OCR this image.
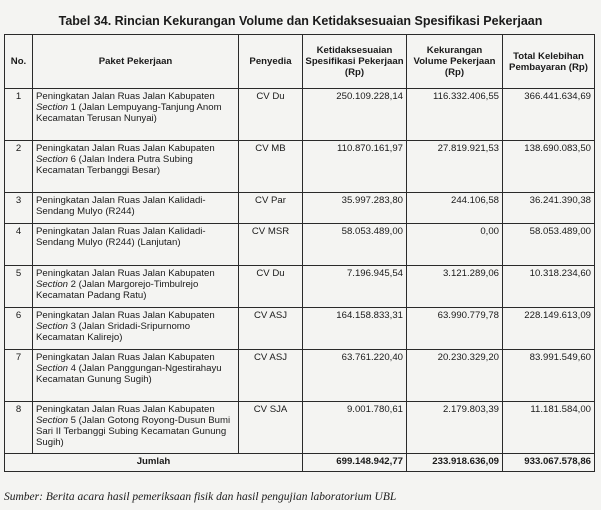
Tabel 34. Rincian Kekurangan Volume dan Ketidaksesuaian Spesifikasi Pekerjaan
No.	Paket Pekerjaan	Penyedia	Ketidaksesuaian Spesifikasi Pekerjaan (Rp)	Kekurangan Volume Pekerjaan (Rp)	Total Kelebihan Pembayaran (Rp)
1	Peningkatan Jalan Ruas Jalan Kabupaten Section 1 (Jalan Lempuyang-Tanjung Anom Kecamatan Terusan Nunyai)	CV Du	250.109.228,14	116.332.406,55	366.441.634,69
2	Peningkatan Jalan Ruas Jalan Kabupaten Section 6 (Jalan Indera Putra Subing Kecamatan Terbanggi Besar)	CV MB	110.870.161,97	27.819.921,53	138.690.083,50
3	Peningkatan Jalan Ruas Jalan Kalidadi-Sendang Mulyo (R244)	CV Par	35.997.283,80	244.106,58	36.241.390,38
4	Peningkatan Jalan Ruas Jalan Kalidadi-Sendang Mulyo (R244) (Lanjutan)	CV MSR	58.053.489,00	0,00	58.053.489,00
5	Peningkatan Jalan Ruas Jalan Kabupaten Section 2 (Jalan Margorejo-Timbulrejo Kecamatan Padang Ratu)	CV Du	7.196.945,54	3.121.289,06	10.318.234,60
6	Peningkatan Jalan Ruas Jalan Kabupaten Section 3 (Jalan Sridadi-Sripurnomo Kecamatan Kalirejo)	CV ASJ	164.158.833,31	63.990.779,78	228.149.613,09
7	Peningkatan Jalan Ruas Jalan Kabupaten Section 4 (Jalan Panggungan-Ngestirahayu Kecamatan Gunung Sugih)	CV ASJ	63.761.220,40	20.230.329,20	83.991.549,60
8	Peningkatan Jalan Ruas Jalan Kabupaten Section 5 (Jalan Gotong Royong-Dusun Bumi Sari II Terbanggi Subing Kecamatan Gunung Sugih)	CV SJA	9.001.780,61	2.179.803,39	11.181.584,00
Jumlah			699.148.942,77	233.918.636,09	933.067.578,86
Sumber: Berita acara hasil pemeriksaan fisik dan hasil pengujian laboratorium UBL
